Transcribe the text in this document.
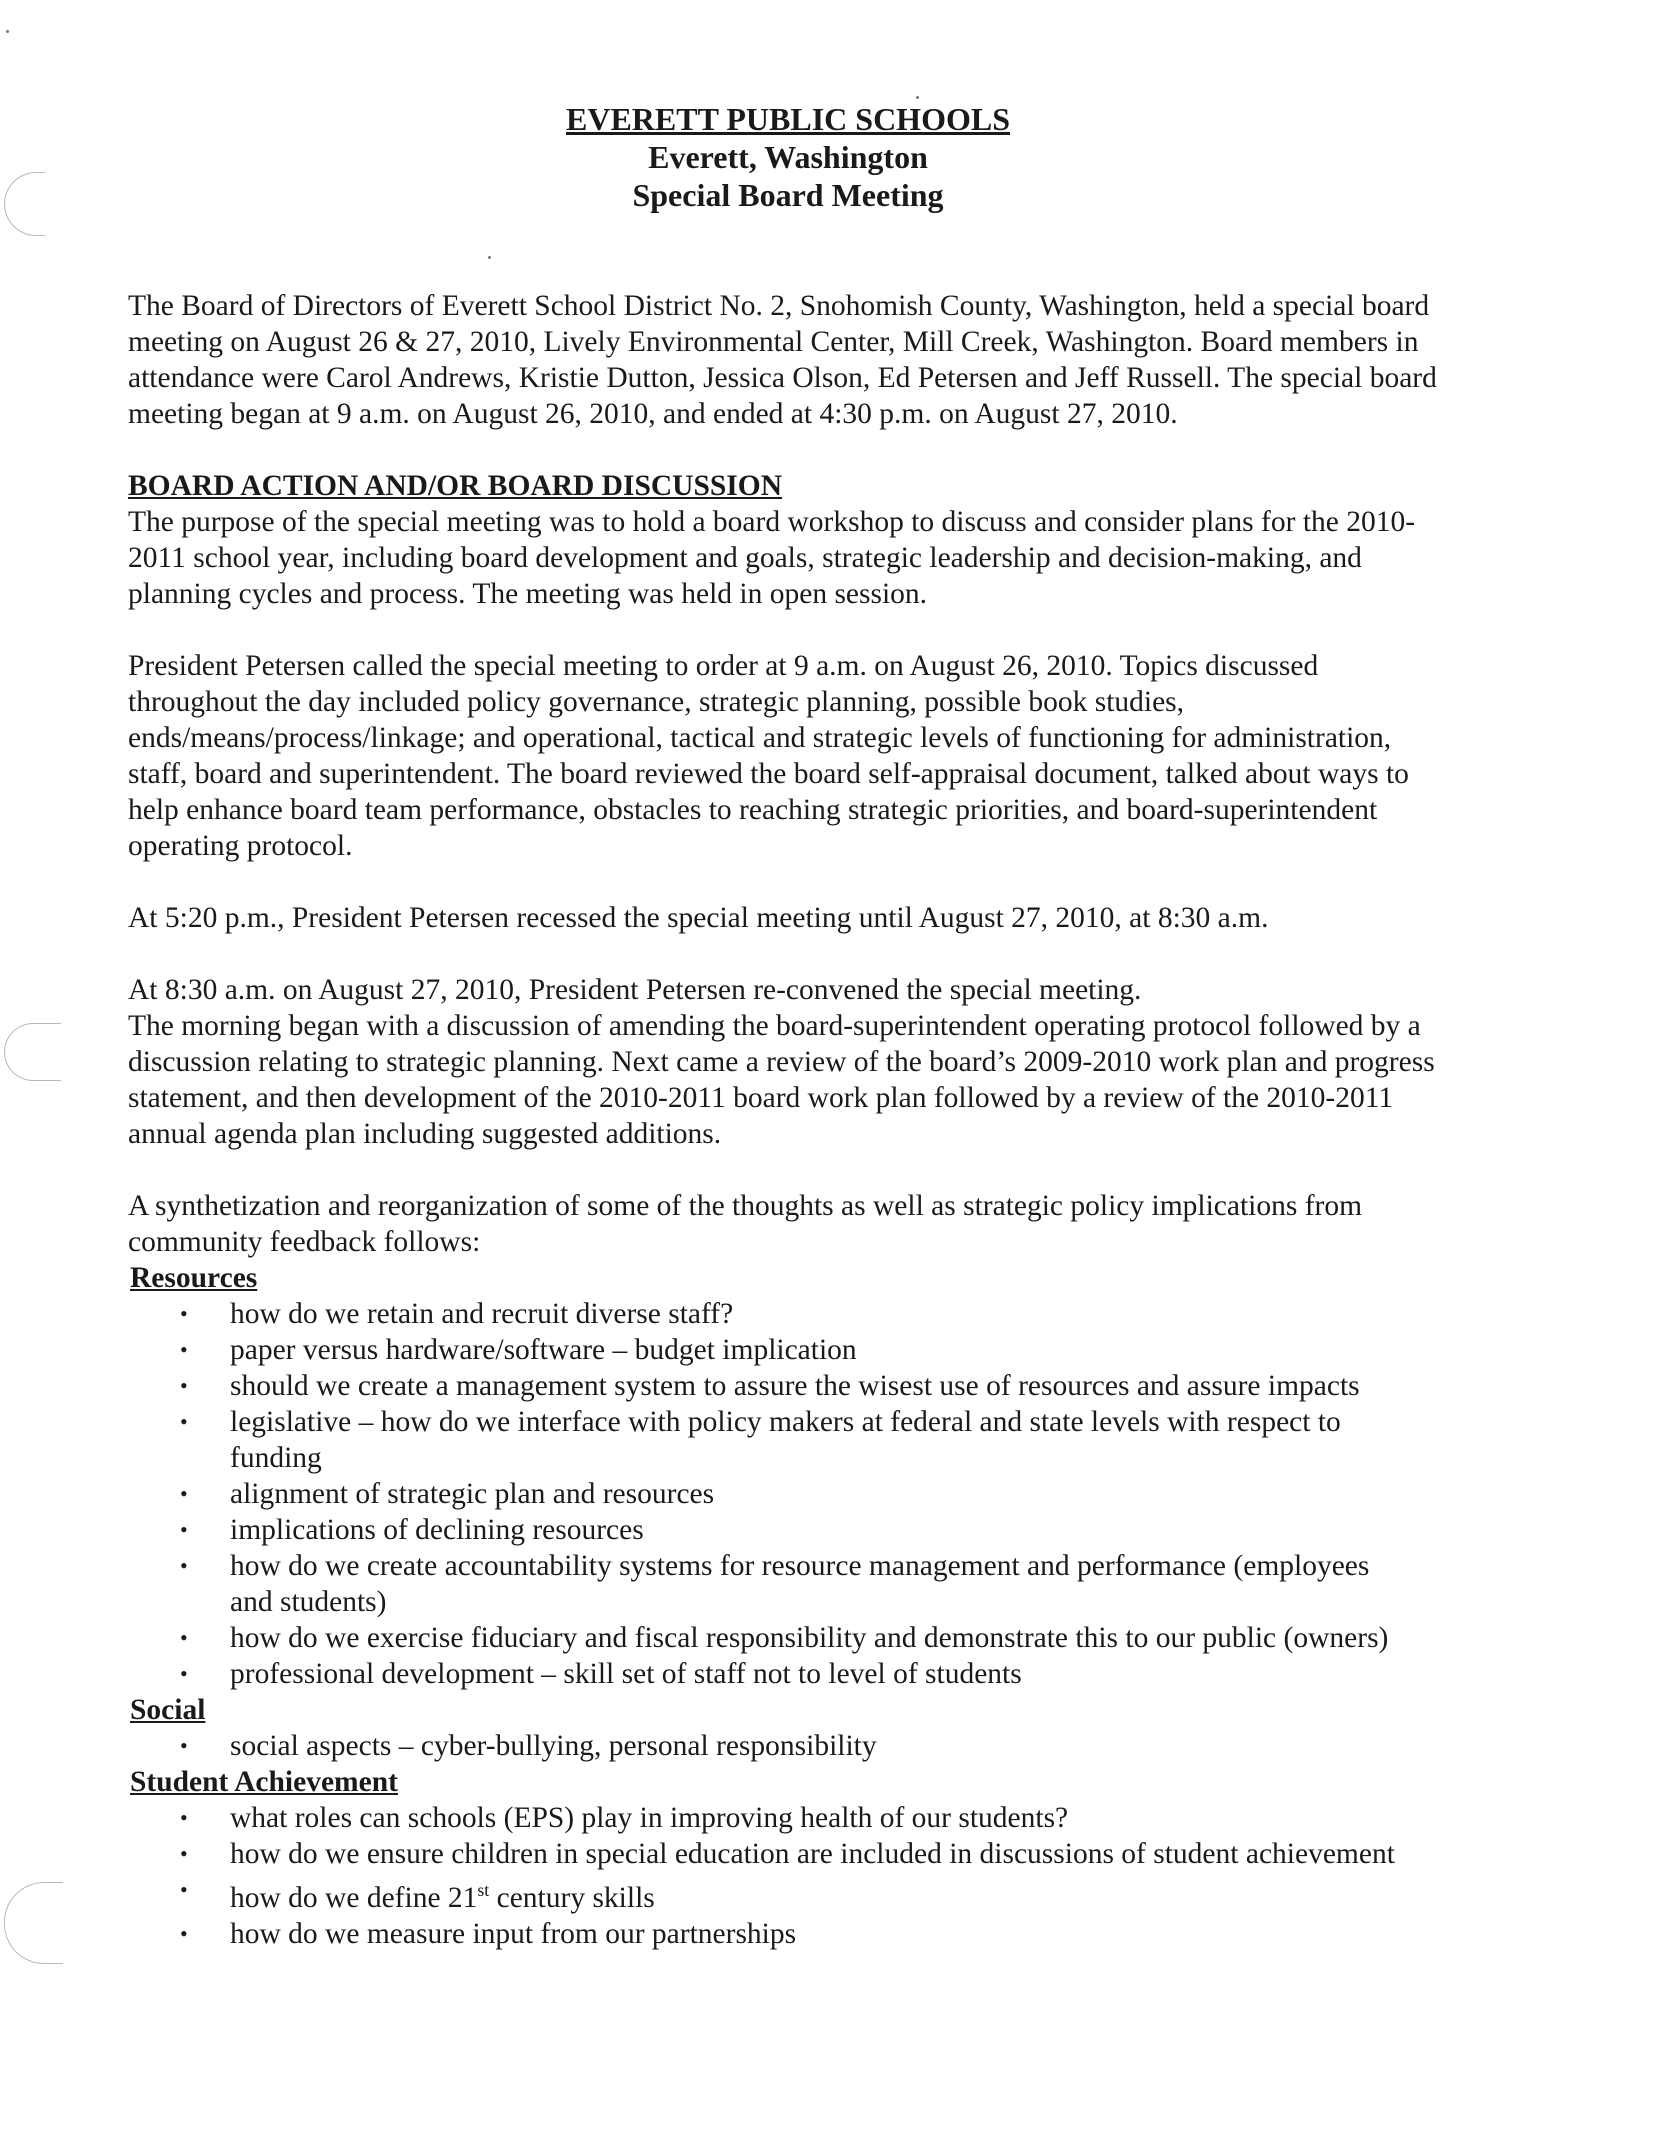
EVERETT PUBLIC SCHOOLS
Everett, Washington
Special Board Meeting
The Board of Directors of Everett School District No. 2, Snohomish County, Washington, held a special board meeting on August 26 & 27, 2010, Lively Environmental Center, Mill Creek, Washington. Board members in attendance were Carol Andrews, Kristie Dutton, Jessica Olson, Ed Petersen and Jeff Russell. The special board meeting began at 9 a.m. on August 26, 2010, and ended at 4:30 p.m. on August 27, 2010.
BOARD ACTION AND/OR BOARD DISCUSSION
The purpose of the special meeting was to hold a board workshop to discuss and consider plans for the 2010-2011 school year, including board development and goals, strategic leadership and decision-making, and planning cycles and process. The meeting was held in open session.
President Petersen called the special meeting to order at 9 a.m. on August 26, 2010. Topics discussed throughout the day included policy governance, strategic planning, possible book studies, ends/means/process/linkage; and operational, tactical and strategic levels of functioning for administration, staff, board and superintendent. The board reviewed the board self-appraisal document, talked about ways to help enhance board team performance, obstacles to reaching strategic priorities, and board-superintendent operating protocol.
At 5:20 p.m., President Petersen recessed the special meeting until August 27, 2010, at 8:30 a.m.
At 8:30 a.m. on August 27, 2010, President Petersen re-convened the special meeting.
The morning began with a discussion of amending the board-superintendent operating protocol followed by a discussion relating to strategic planning. Next came a review of the board’s 2009-2010 work plan and progress statement, and then development of the 2010-2011 board work plan followed by a review of the 2010-2011 annual agenda plan including suggested additions.
A synthetization and reorganization of some of the thoughts as well as strategic policy implications from community feedback follows:
Resources
• how do we retain and recruit diverse staff?
• paper versus hardware/software – budget implication
• should we create a management system to assure the wisest use of resources and assure impacts
• legislative – how do we interface with policy makers at federal and state levels with respect to funding
• alignment of strategic plan and resources
• implications of declining resources
• how do we create accountability systems for resource management and performance (employees and students)
• how do we exercise fiduciary and fiscal responsibility and demonstrate this to our public (owners)
• professional development – skill set of staff not to level of students
Social
• social aspects – cyber-bullying, personal responsibility
Student Achievement
• what roles can schools (EPS) play in improving health of our students?
• how do we ensure children in special education are included in discussions of student achievement
• how do we define 21st century skills
• how do we measure input from our partnerships
